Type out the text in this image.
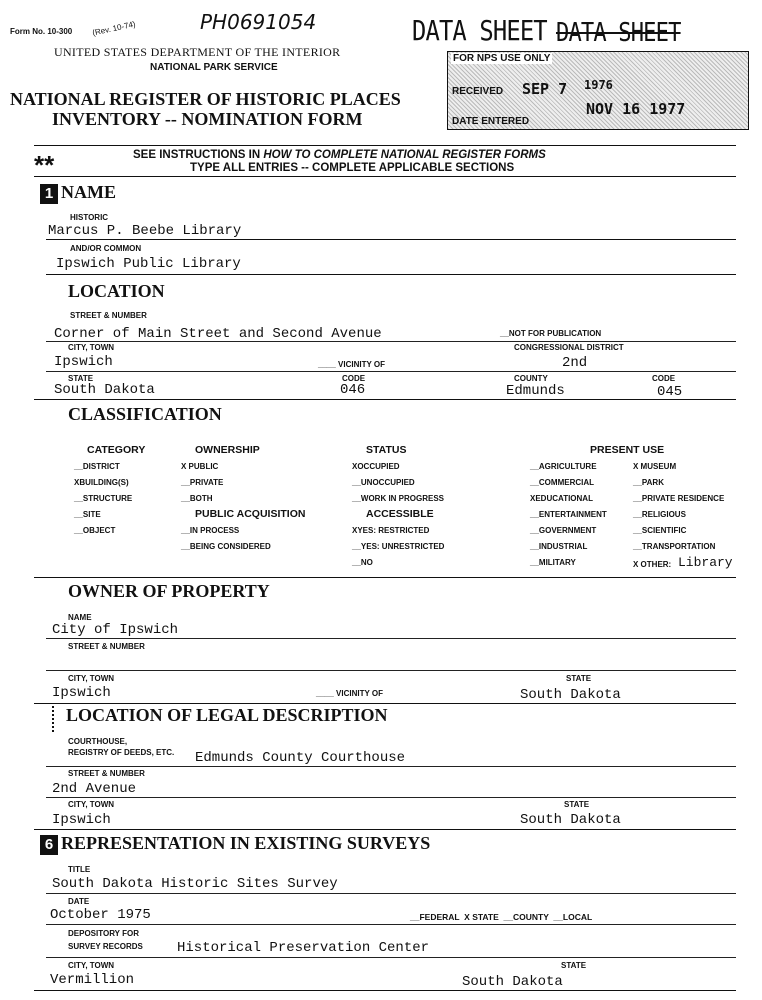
Form No. 10-300 (Rev. 10-74)	PH0691054	DATA SHEET DATA SHEET
UNITED STATES DEPARTMENT OF THE INTERIOR
NATIONAL PARK SERVICE
NATIONAL REGISTER OF HISTORIC PLACES
INVENTORY -- NOMINATION FORM
FOR NPS USE ONLY
RECEIVED SEP 7 1976
DATE ENTERED
NOV 16 1977
**	SEE INSTRUCTIONS IN HOW TO COMPLETE NATIONAL REGISTER FORMS
TYPE ALL ENTRIES -- COMPLETE APPLICABLE SECTIONS
1 NAME
HISTORIC
Marcus P. Beebe Library
AND/OR COMMON
Ipswich Public Library
LOCATION
STREET & NUMBER
Corner of Main Street and Second Avenue	__NOT FOR PUBLICATION
CITY, TOWN	CONGRESSIONAL DISTRICT
Ipswich	____ VICINITY OF	2nd
STATE	CODE	COUNTY	CODE
South Dakota	046	Edmunds	045
CLASSIFICATION
CATEGORY
__DISTRICT
XBUILDING(S)
__STRUCTURE
__SITE
__OBJECT
OWNERSHIP
X PUBLIC
__PRIVATE
__BOTH
PUBLIC ACQUISITION
__IN PROCESS
__BEING CONSIDERED
STATUS
XOCCUPIED
__UNOCCUPIED
__WORK IN PROGRESS
ACCESSIBLE
XYES: RESTRICTED
__YES: UNRESTRICTED
__NO
PRESENT USE
__AGRICULTURE
__COMMERCIAL
XEDUCATIONAL
__ENTERTAINMENT
__GOVERNMENT
__INDUSTRIAL
__MILITARY
X MUSEUM
__PARK
__PRIVATE RESIDENCE
__RELIGIOUS
__SCIENTIFIC
__TRANSPORTATION
X OTHER: Library
OWNER OF PROPERTY
NAME
City of Ipswich
STREET & NUMBER
CITY, TOWN	STATE
Ipswich	____ VICINITY OF	South Dakota
LOCATION OF LEGAL DESCRIPTION
COURTHOUSE,
REGISTRY OF DEEDS, ETC. Edmunds County Courthouse
STREET & NUMBER
2nd Avenue
CITY, TOWN	STATE
Ipswich	South Dakota
6 REPRESENTATION IN EXISTING SURVEYS
TITLE
South Dakota Historic Sites Survey
DATE
October 1975	__FEDERAL  X STATE  __COUNTY  __LOCAL
DEPOSITORY FOR
SURVEY RECORDS Historical Preservation Center
CITY, TOWN	STATE
Vermillion	South Dakota
